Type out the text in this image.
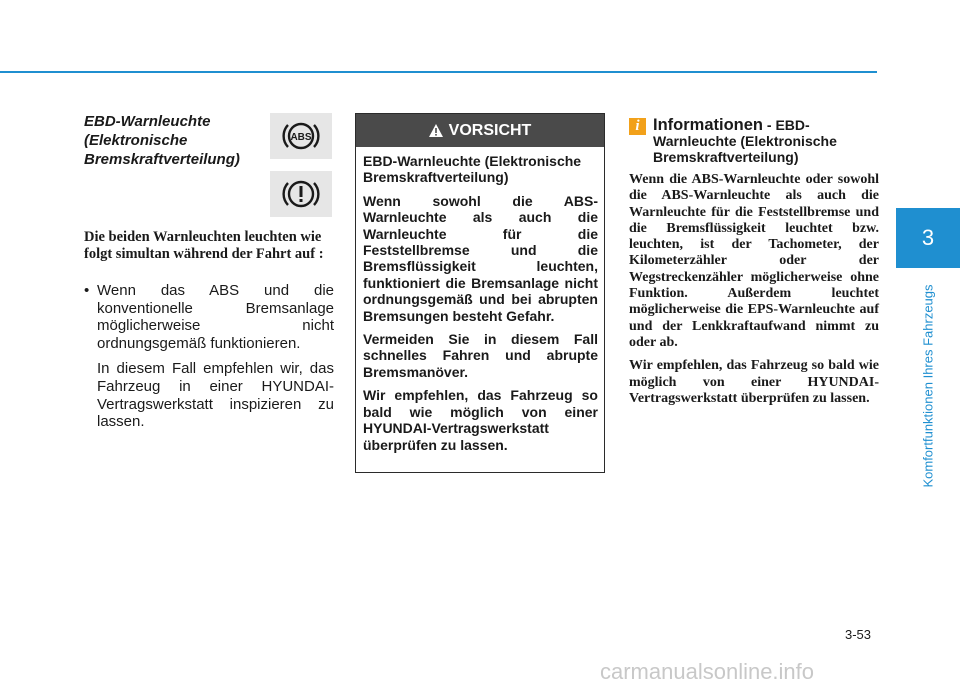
EBD-Warnleuchte (Elektronische Bremskraftverteilung)
ABS

Die beiden Warnleuchten leuchten wie folgt simultan während der Fahrt auf :

• Wenn das ABS und die konventionelle Bremsanlage möglicherweise nicht ordnungsgemäß funktionieren.

In diesem Fall empfehlen wir, das Fahrzeug in einer HYUNDAI-Vertragswerkstatt inspizieren zu lassen.

VORSICHT

EBD-Warnleuchte (Elektronische Bremskraftverteilung)

Wenn sowohl die ABS-Warnleuchte als auch die Warnleuchte für die Feststellbremse und die Bremsflüssigkeit leuchten, funktioniert die Bremsanlage nicht ordnungsgemäß und bei abrupten Bremsungen besteht Gefahr.

Vermeiden Sie in diesem Fall schnelles Fahren und abrupte Bremsmanöver.

Wir empfehlen, das Fahrzeug so bald wie möglich von einer HYUNDAI-Vertragswerkstatt überprüfen zu lassen.

i Informationen - EBD-Warnleuchte (Elektronische Bremskraftverteilung)

Wenn die ABS-Warnleuchte oder sowohl die ABS-Warnleuchte als auch die Warnleuchte für die Feststellbremse und die Bremsflüssigkeit leuchtet bzw. leuchten, ist der Tachometer, der Kilometerzähler oder der Wegstreckenzähler möglicherweise ohne Funktion. Außerdem leuchtet möglicherweise die EPS-Warnleuchte auf und der Lenkkraftaufwand nimmt zu oder ab.

Wir empfehlen, das Fahrzeug so bald wie möglich von einer HYUNDAI-Vertragswerkstatt überprüfen zu lassen.

3
Komfortfunktionen Ihres Fahrzeugs
3-53
carmanualsonline.info
